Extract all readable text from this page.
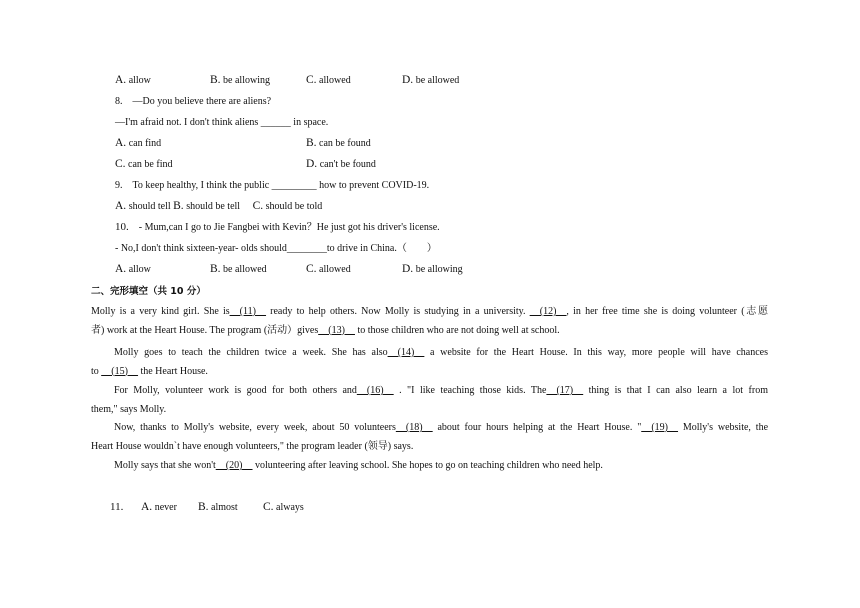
A. allow	B. be allowing	C. allowed	D. be allowed
8. —Do you believe there are aliens?
—I'm afraid not. I don't think aliens ______ in space.
A. can find	B. can be found
C. can be find	D. can't be found
9. To keep healthy, I think the public _________ how to prevent COVID-19.
A. should tell B. should be tell C. should be told
10. - Mum,can I go to Jie Fangbei with Kevin？He just got his driver's license.
- No,I don't think sixteen-year- olds should________to drive in China.（　　）
A. allow	B. be allowed	C. allowed	D. be allowing
二、完形填空（共 10 分）
Molly is a very kind girl. She is__(11)__ ready to help others. Now Molly is studying in a university. __(12)__, in her free time she is doing volunteer (志愿
者) work at the Heart House. The program (活动）gives__(13)__ to those children who are not doing well at school.
Molly goes to teach the children twice a week. She has also__(14)__ a website for the Heart House. In this way, more people will have chances
to __(15)__ the Heart House.
For Molly, volunteer work is good for both others and__(16)__ . "I like teaching those kids. The__(17)__ thing is that I can also learn a lot from
them," says Molly.
Now, thanks to Molly's website, every week, about 50 volunteers__(18)__ about four hours helping at the Heart House. "__(19)__ Molly's website, the
Heart House wouldn`t have enough volunteers," the program leader (领导) says.
Molly says that she won't__(20)__ volunteering after leaving school. She hopes to go on teaching children who need help.
11. A. never B. almost C. always
